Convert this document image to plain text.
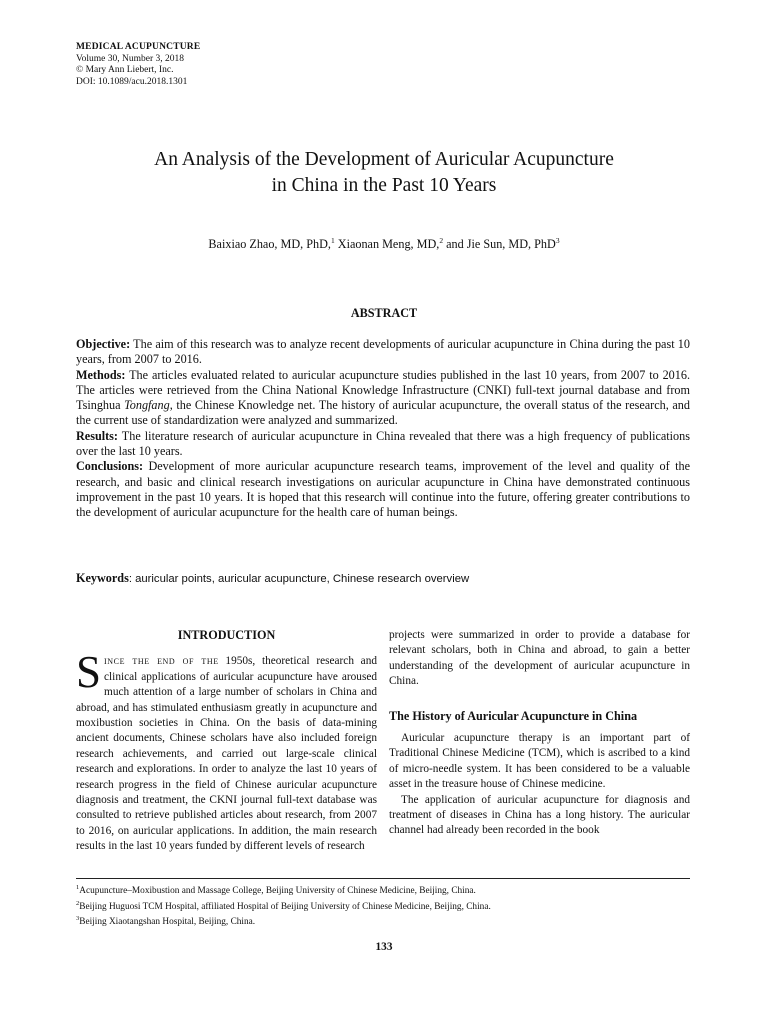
MEDICAL ACUPUNCTURE
Volume 30, Number 3, 2018
© Mary Ann Liebert, Inc.
DOI: 10.1089/acu.2018.1301
An Analysis of the Development of Auricular Acupuncture
in China in the Past 10 Years
Baixiao Zhao, MD, PhD,$^1$ Xiaonan Meng, MD,$^2$ and Jie Sun, MD, PhD$^3$
ABSTRACT

Objective: The aim of this research was to analyze recent developments of auricular acupuncture in China during the past 10 years, from 2007 to 2016.

Methods: The articles evaluated related to auricular acupuncture studies published in the last 10 years, from 2007 to 2016. The articles were retrieved from the China National Knowledge Infrastructure (CNKI) full-text journal database and from Tsinghua Tongfang, the Chinese Knowledge net. The history of auricular acupuncture, the overall status of the research, and the current use of standardization were analyzed and summarized.

Results: The literature research of auricular acupuncture in China revealed that there was a high frequency of publications over the last 10 years.

Conclusions: Development of more auricular acupuncture research teams, improvement of the level and quality of the research, and basic and clinical research investigations on auricular acupuncture in China have demonstrated continuous improvement in the past 10 years. It is hoped that this research will continue into the future, offering greater contributions to the development of auricular acupuncture for the health care of human beings.

Keywords: auricular points, auricular acupuncture, Chinese research overview
INTRODUCTION

Since the end of the 1950s, theoretical research and clinical applications of auricular acupuncture have aroused much attention of a large number of scholars in China and abroad, and has stimulated enthusiasm greatly in acupuncture and moxibustion societies in China. On the basis of data-mining ancient documents, Chinese scholars have also included foreign research achievements, and carried out large-scale clinical research and explorations. In order to analyze the last 10 years of research progress in the field of Chinese auricular acupuncture diagnosis and treatment, the CKNI journal full-text database was consulted to retrieve published articles about research, from 2007 to 2016, on auricular applications. In addition, the main research results in the last 10 years funded by different levels of research

projects were summarized in order to provide a database for relevant scholars, both in China and abroad, to gain a better understanding of the development of auricular acupuncture in China.

The History of Auricular Acupuncture in China

Auricular acupuncture therapy is an important part of Traditional Chinese Medicine (TCM), which is ascribed to a kind of micro-needle system. It has been considered to be a valuable asset in the treasure house of Chinese medicine.

The application of auricular acupuncture for diagnosis and treatment of diseases in China has a long history. The auricular channel had already been recorded in the book

$^1$Acupuncture–Moxibustion and Massage College, Beijing University of Chinese Medicine, Beijing, China.
$^2$Beijing Huguosi TCM Hospital, affiliated Hospital of Beijing University of Chinese Medicine, Beijing, China.
$^3$Beijing Xiaotangshan Hospital, Beijing, China.
133
